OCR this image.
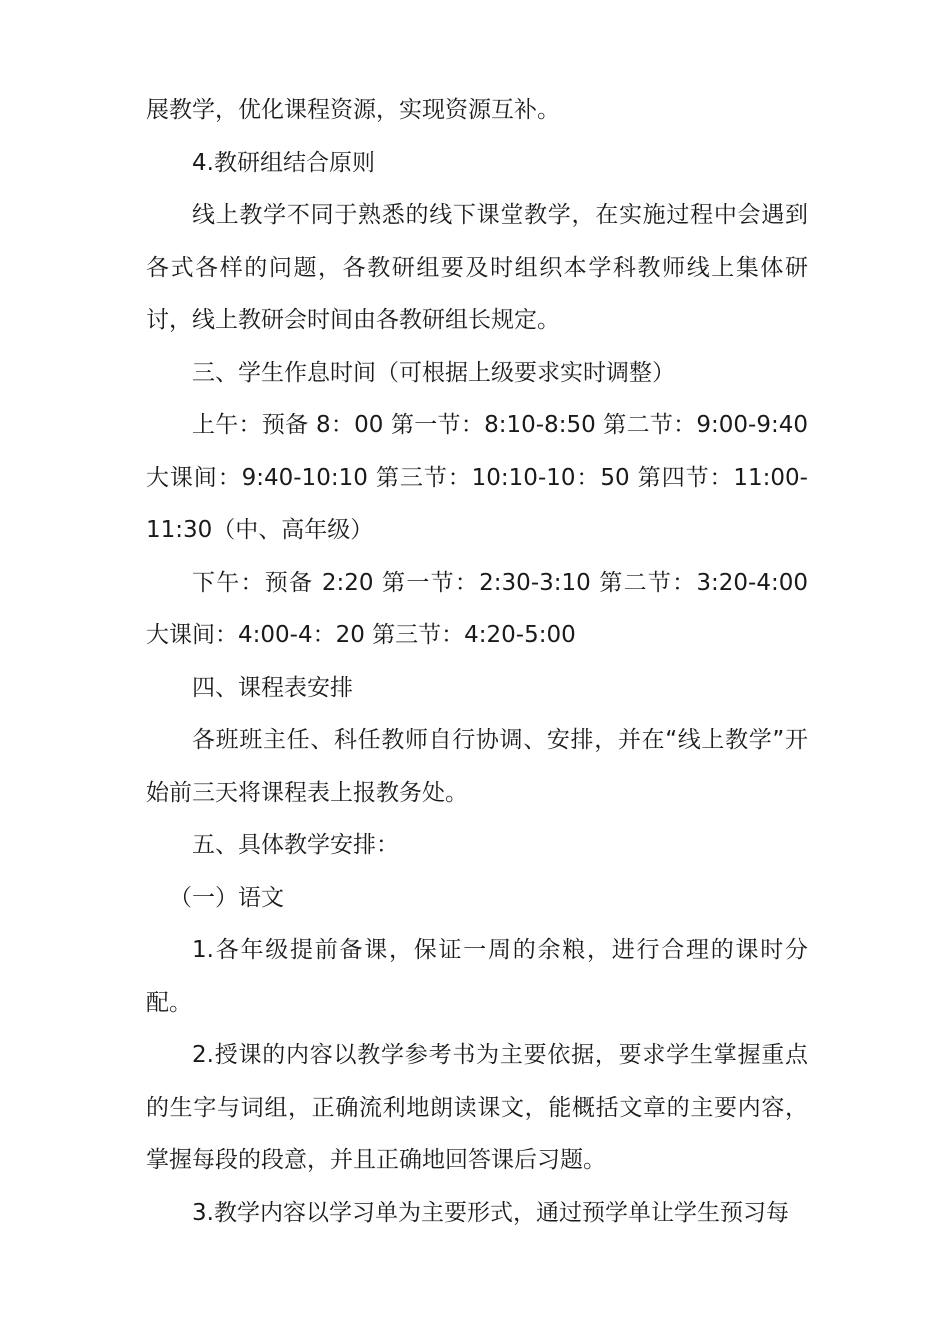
展教学，优化课程资源，实现资源互补。

4.教研组结合原则

线上教学不同于熟悉的线下课堂教学，在实施过程中会遇到各式各样的问题，各教研组要及时组织本学科教师线上集体研讨，线上教研会时间由各教研组长规定。

三、学生作息时间（可根据上级要求实时调整）

上午：预备 8：00 第一节：8:10-8:50 第二节：9:00-9:40 大课间：9:40-10:10 第三节：10:10-10：50 第四节：11:00-11:30（中、高年级）

下午：预备 2:20 第一节：2:30-3:10 第二节：3:20-4:00 大课间：4:00-4：20 第三节：4:20-5:00

四、课程表安排

各班班主任、科任教师自行协调、安排，并在“线上教学”开始前三天将课程表上报教务处。

五、具体教学安排：

（一）语文

1.各年级提前备课，保证一周的余粮，进行合理的课时分配。

2.授课的内容以教学参考书为主要依据，要求学生掌握重点的生字与词组，正确流利地朗读课文，能概括文章的主要内容，掌握每段的段意，并且正确地回答课后习题。

3.教学内容以学习单为主要形式，通过预学单让学生预习每
